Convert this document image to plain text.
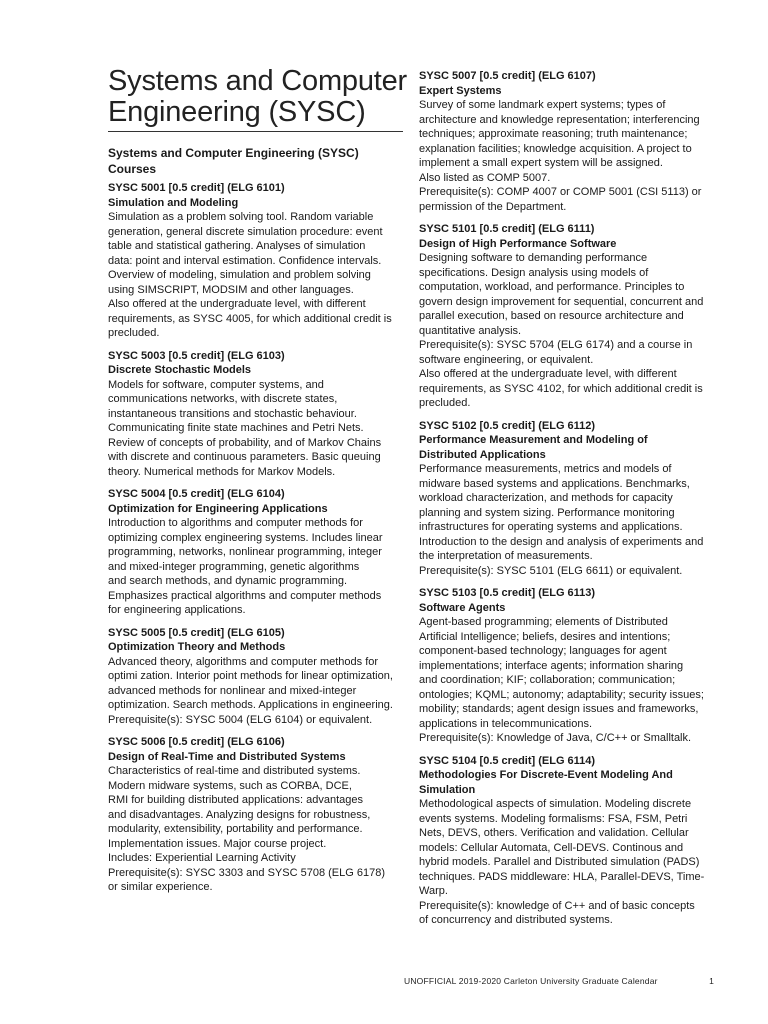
Systems and Computer
Engineering (SYSC)
Systems and Computer Engineering (SYSC)
Courses
SYSC 5001 [0.5 credit] (ELG 6101)
Simulation and Modeling
Simulation as a problem solving tool. Random variable
generation, general discrete simulation procedure: event
table and statistical gathering. Analyses of simulation
data: point and interval estimation. Confidence intervals.
Overview of modeling, simulation and problem solving
using SIMSCRIPT, MODSIM and other languages.
Also offered at the undergraduate level, with different
requirements, as SYSC 4005, for which additional credit is
precluded.
SYSC 5003 [0.5 credit] (ELG 6103)
Discrete Stochastic Models
Models for software, computer systems, and
communications networks, with discrete states,
instantaneous transitions and stochastic behaviour.
Communicating finite state machines and Petri Nets.
Review of concepts of probability, and of Markov Chains
with discrete and continuous parameters. Basic queuing
theory. Numerical methods for Markov Models.
SYSC 5004 [0.5 credit] (ELG 6104)
Optimization for Engineering Applications
Introduction to algorithms and computer methods for
optimizing complex engineering systems. Includes linear
programming, networks, nonlinear programming, integer
and mixed-integer programming, genetic algorithms
and search methods, and dynamic programming.
Emphasizes practical algorithms and computer methods
for engineering applications.
SYSC 5005 [0.5 credit] (ELG 6105)
Optimization Theory and Methods
Advanced theory, algorithms and computer methods for
optimi zation. Interior point methods for linear optimization,
advanced methods for nonlinear and mixed-integer
optimization. Search methods. Applications in engineering.
Prerequisite(s): SYSC 5004 (ELG 6104) or equivalent.
SYSC 5006 [0.5 credit] (ELG 6106)
Design of Real-Time and Distributed Systems
Characteristics of real-time and distributed systems.
Modern midware systems, such as CORBA, DCE,
RMI for building distributed applications: advantages
and disadvantages. Analyzing designs for robustness,
modularity, extensibility, portability and performance.
Implementation issues. Major course project.
Includes: Experiential Learning Activity
Prerequisite(s): SYSC 3303 and SYSC 5708 (ELG 6178)
or similar experience.
SYSC 5007 [0.5 credit] (ELG 6107)
Expert Systems
Survey of some landmark expert systems; types of
architecture and knowledge representation; interferencing
techniques; approximate reasoning; truth maintenance;
explanation facilities; knowledge acquisition. A project to
implement a small expert system will be assigned.
Also listed as COMP 5007.
Prerequisite(s): COMP 4007 or COMP 5001 (CSI 5113) or
permission of the Department.
SYSC 5101 [0.5 credit] (ELG 6111)
Design of High Performance Software
Designing software to demanding performance
specifications. Design analysis using models of
computation, workload, and performance. Principles to
govern design improvement for sequential, concurrent and
parallel execution, based on resource architecture and
quantitative analysis.
Prerequisite(s): SYSC 5704 (ELG 6174) and a course in
software engineering, or equivalent.
Also offered at the undergraduate level, with different
requirements, as SYSC 4102, for which additional credit is
precluded.
SYSC 5102 [0.5 credit] (ELG 6112)
Performance Measurement and Modeling of
Distributed Applications
Performance measurements, metrics and models of
midware based systems and applications. Benchmarks,
workload characterization, and methods for capacity
planning and system sizing. Performance monitoring
infrastructures for operating systems and applications.
Introduction to the design and analysis of experiments and
the interpretation of measurements.
Prerequisite(s): SYSC 5101 (ELG 6611) or equivalent.
SYSC 5103 [0.5 credit] (ELG 6113)
Software Agents
Agent-based programming; elements of Distributed
Artificial Intelligence; beliefs, desires and intentions;
component-based technology; languages for agent
implementations; interface agents; information sharing
and coordination; KIF; collaboration; communication;
ontologies; KQML; autonomy; adaptability; security issues;
mobility; standards; agent design issues and frameworks,
applications in telecommunications.
Prerequisite(s): Knowledge of Java, C/C++ or Smalltalk.
SYSC 5104 [0.5 credit] (ELG 6114)
Methodologies For Discrete-Event Modeling And
Simulation
Methodological aspects of simulation. Modeling discrete
events systems. Modeling formalisms: FSA, FSM, Petri
Nets, DEVS, others. Verification and validation. Cellular
models: Cellular Automata, Cell-DEVS. Continous and
hybrid models. Parallel and Distributed simulation (PADS)
techniques. PADS middleware: HLA, Parallel-DEVS, Time-
Warp.
Prerequisite(s): knowledge of C++ and of basic concepts
of concurrency and distributed systems.
UNOFFICIAL 2019-2020 Carleton University Graduate Calendar	1
